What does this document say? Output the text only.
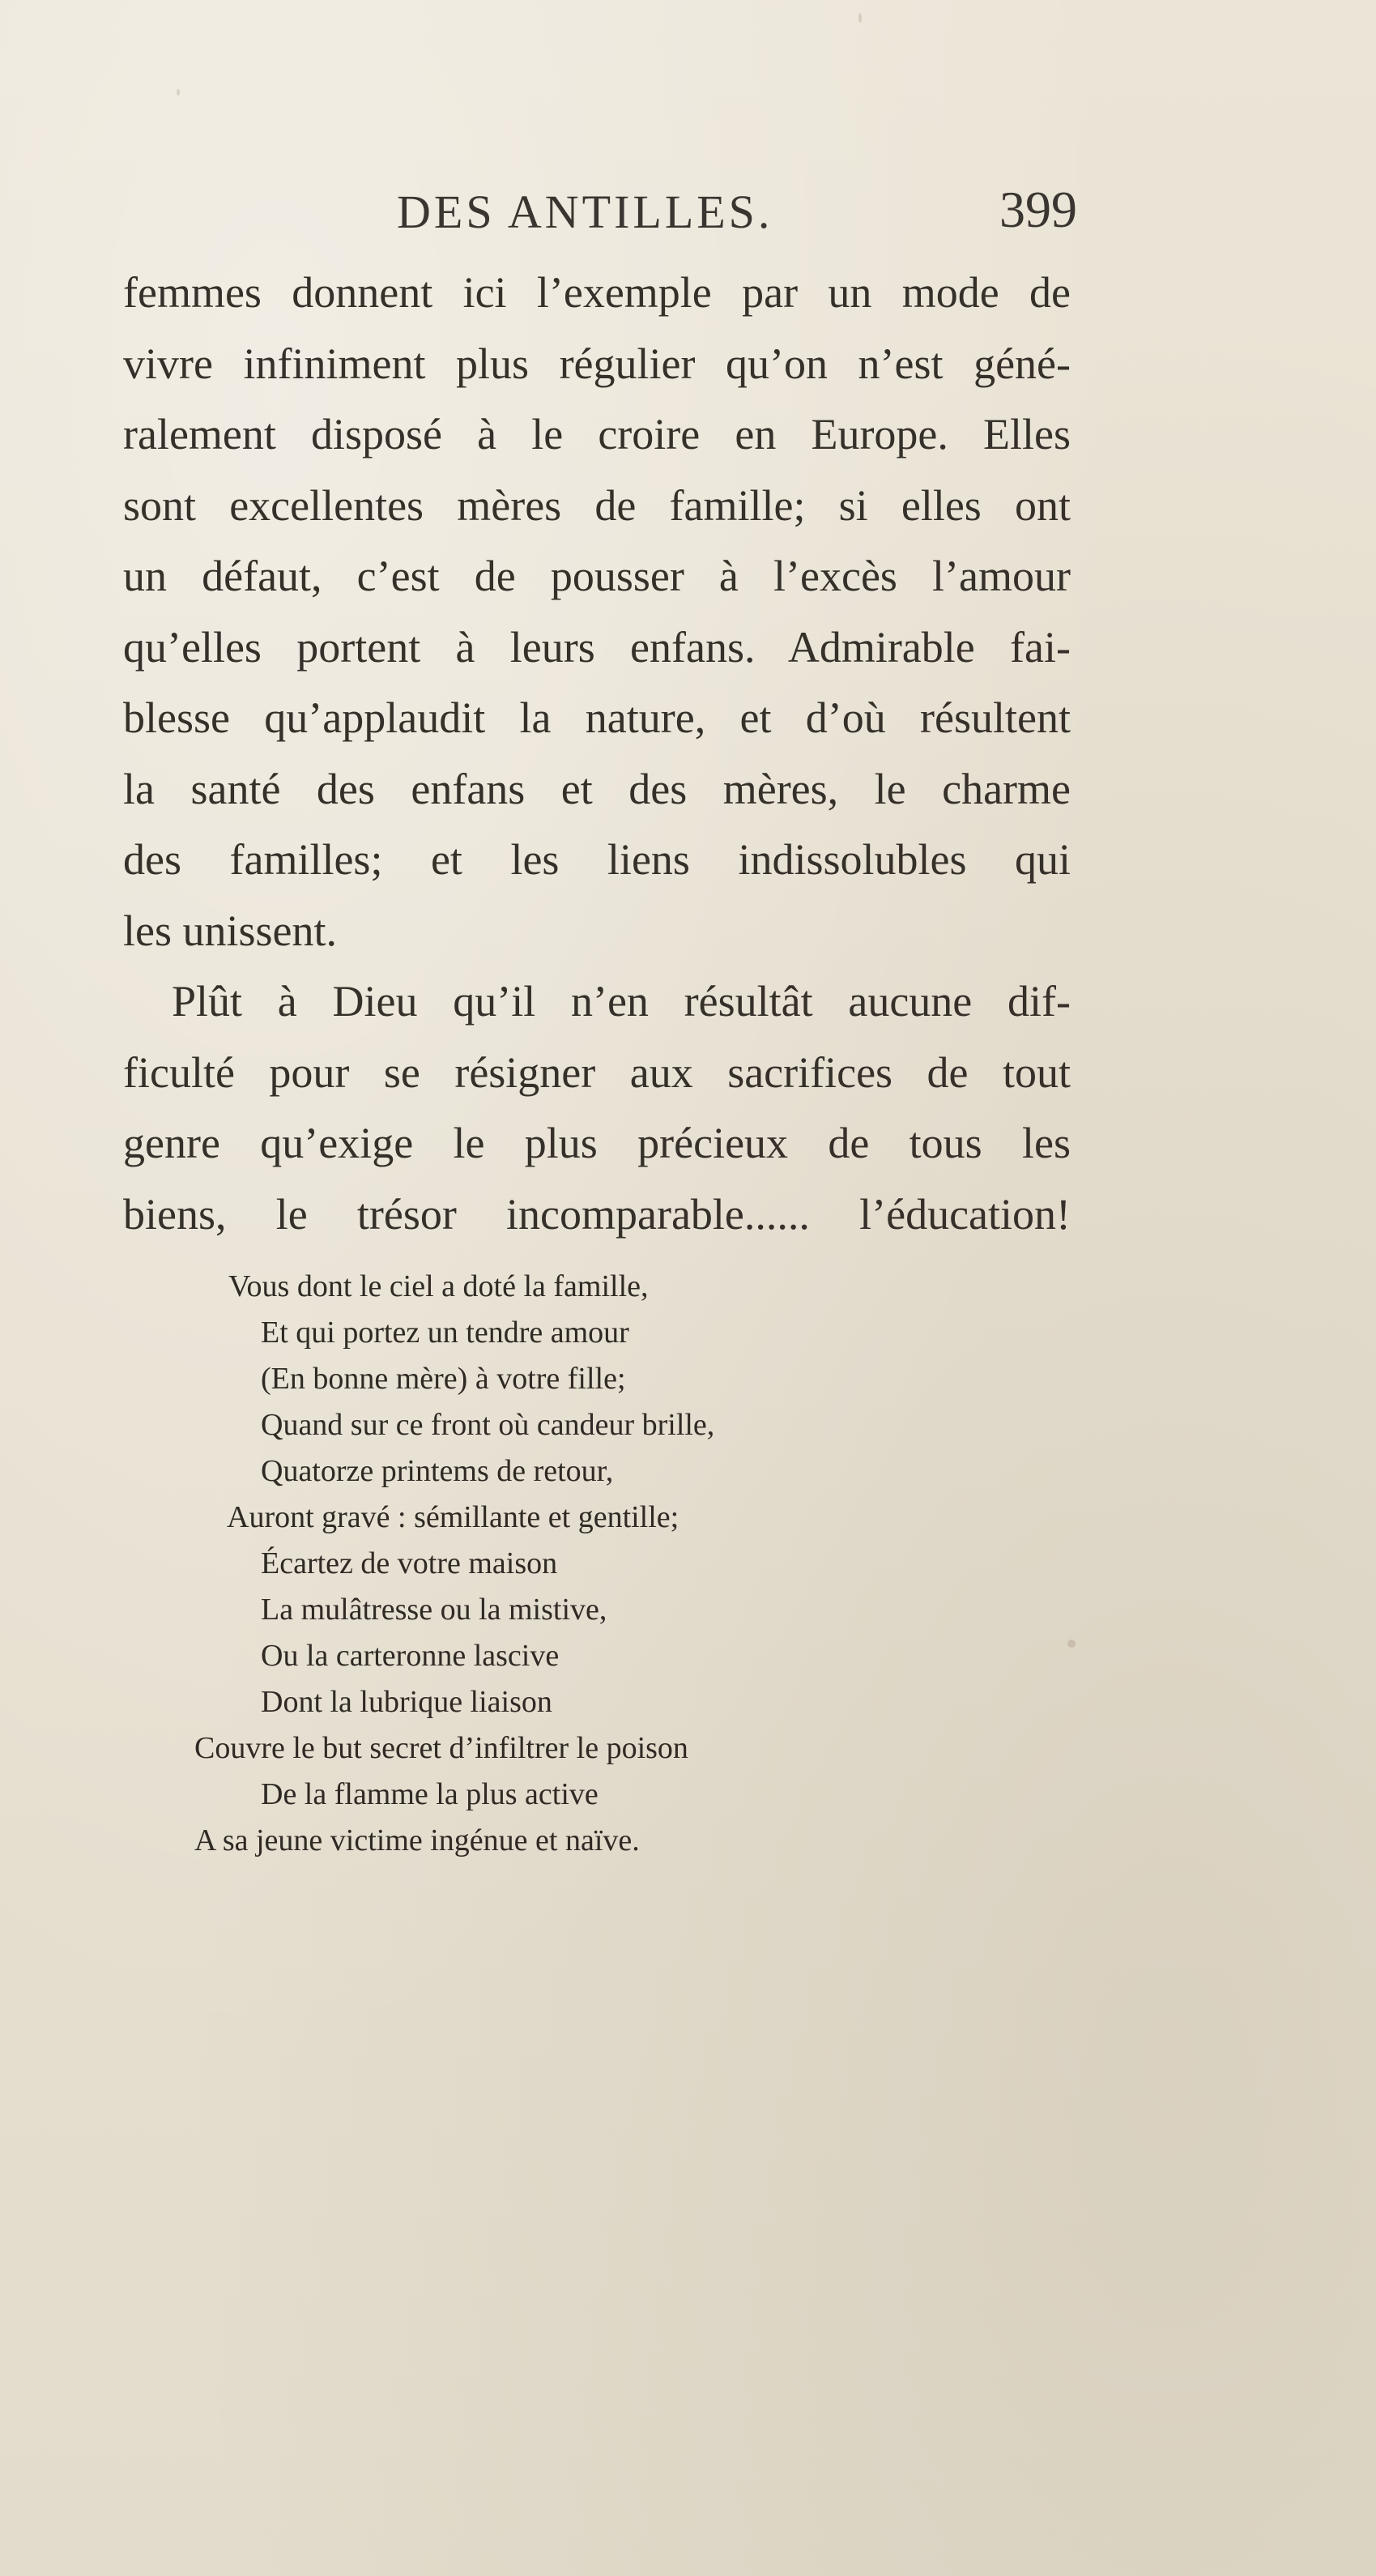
DES ANTILLES.	399
femmes donnent ici l’exemple par un mode de
vivre infiniment plus régulier qu’on n’est géné-
ralement disposé à le croire en Europe. Elles
sont excellentes mères de famille; si elles ont
un défaut, c’est de pousser à l’excès l’amour
qu’elles portent à leurs enfans. Admirable fai-
blesse qu’applaudit la nature, et d’où résultent
la santé des enfans et des mères, le charme
des familles; et les liens indissolubles qui
les unissent.
Plût à Dieu qu’il n’en résultât aucune dif-
ficulté pour se résigner aux sacrifices de tout
genre qu’exige le plus précieux de tous les
biens, le trésor incomparable...... l’éducation!
Vous dont le ciel a doté la famille,
Et qui portez un tendre amour
(En bonne mère) à votre fille;
Quand sur ce front où candeur brille,
Quatorze printems de retour,
Auront gravé : sémillante et gentille;
Écartez de votre maison
La mulâtresse ou la mistive,
Ou la carteronne lascive
Dont la lubrique liaison
Couvre le but secret d’infiltrer le poison
De la flamme la plus active
A sa jeune victime ingénue et naïve.
